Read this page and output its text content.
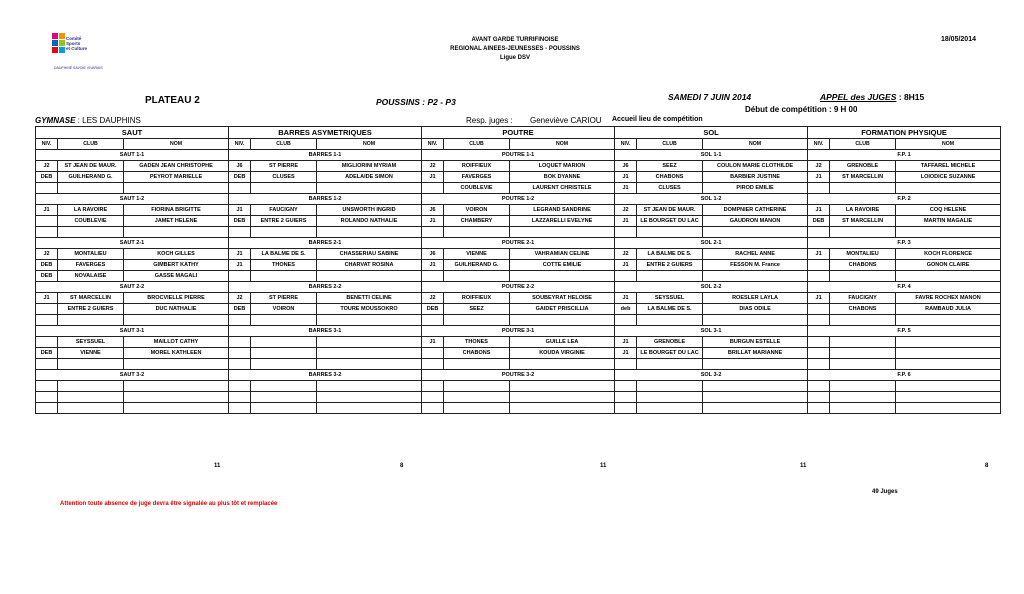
Comité
Sports
et Culture
DAUPHINÉ SAVOIE VIVARAIS
AVANT GARDE TURRIFINOISE
REGIONAL AINEES-JEUNESSES - POUSSINS
Ligue DSV
18/05/2014
PLATEAU 2	POUSSINS : P2 - P3	SAMEDI 7 JUIN 2014	APPEL des JUGES : 8H15
Début de compétition : 9 H 00
GYMNASE : LES DAUPHINS	Resp. juges : Geneviève CARIOU Accueil lieu de compétition
SAUT			BARRES ASYMETRIQUES			POUTRE			SOL			FORMATION PHYSIQUE		
NIV.	CLUB	NOM	NIV.	CLUB	NOM	NIV.	CLUB	NOM	NIV.	CLUB	NOM	NIV.	CLUB	NOM
SAUT 1-1			BARRES 1-1			POUTRE 1-1			SOL 1-1			F.P. 1		
J2	ST JEAN DE MAUR.	GADEN JEAN CHRISTOPHE	J6	ST PIERRE	MIGLIORINI MYRIAM	J2	ROIFFIEUX	LOQUET MARION	J6	SEEZ	COULON MARIE CLOTHILDE	J2	GRENOBLE	TAFFAREL MICHELE
DEB	GUILHERAND G.	PEYROT MARIELLE	DEB	CLUSES	ADELAIDE SIMON	J1	FAVERGES	BOK DYANNE	J1	CHABONS	BARBIER JUSTINE	J1	ST MARCELLIN	LOIODICE SUZANNE
							COUBLEVIE	LAURENT CHRISTELE	J1	CLUSES	PIROD EMILIE			
SAUT 1-2			BARRES 1-2			POUTRE 1-2			SOL 1-2			F.P. 2		
J1	LA RAVOIRE	FIORINA BRIGITTE	J1	FAUCIGNY	UNSWORTH INGRID	J6	VOIRON	LEGRAND SANDRINE	J2	ST JEAN DE MAUR.	DOMPNIER CATHERINE	J1	LA RAVOIRE	COQ HELENE
	COUBLEVIE	JAMET HELENE	DEB	ENTRE 2 GUIERS	ROLANDO NATHALIE	J1	CHAMBERY	LAZZARELLI EVELYNE	J1	LE BOURGET DU LAC	GAUDRON MANON	DEB	ST MARCELLIN	MARTIN MAGALIE

SAUT 2-1			BARRES 2-1			POUTRE 2-1			SOL 2-1			F.P. 3		
J2	MONTALIEU	KOCH GILLES	J1	LA BALME DE S.	CHASSERIAU SABINE	J6	VIENNE	VAHRAMIAN CELINE	J2	LA BALME DE S.	RACHEL ANNE	J1	MONTALIEU	KOCH FLORENCE
DEB	FAVERGES	GIMBERT KATHY	J1	THONES	CHARVAT ROSINA	J1	GUILHERAND G.	COTTE EMILIE	J1	ENTRE 2 GUIERS	FESSON M. France		CHABONS	GONON CLAIRE
DEB	NOVALAISE	GASSE MAGALI												
SAUT 2-2			BARRES 2-2			POUTRE 2-2			SOL 2-2			F.P. 4		
J1	ST MARCELLIN	BROCVIELLE PIERRE	J2	ST PIERRE	BENETTI CELINE	J2	ROIFFIEUX	SOUBEYRAT HELOISE	J1	SEYSSUEL	ROESLER LAYLA	J1	FAUCIGNY	FAVRE ROCHEX MANON
	ENTRE 2 GUIERS	DUC NATHALIE	DEB	VOIRON	TOURE MOUSSOKRO	DEB	SEEZ	GAIDET PRISCILLIA	deb	LA BALME DE S.	DIAS ODILE		CHABONS	RAMBAUD JULIA

SAUT 3-1			BARRES 3-1			POUTRE 3-1			SOL 3-1			F.P. 5		
	SEYSSUEL	MAILLOT CATHY				J1	THONES	GUILLE LEA	J1	GRENOBLE	BURGUN ESTELLE			
DEB	VIENNE	MOREL KATHLEEN					CHABONS	KOUDA VIRGINIE	J1	LE BOURGET DU LAC	BRILLAT MARIANNE			

SAUT 3-2			BARRES 3-2			POUTRE 3-2			SOL 3-2			F.P. 6		

11	8	11	11	8
49 Juges
Attention toute absence de juge devra être signalée au plus tôt et remplacée
